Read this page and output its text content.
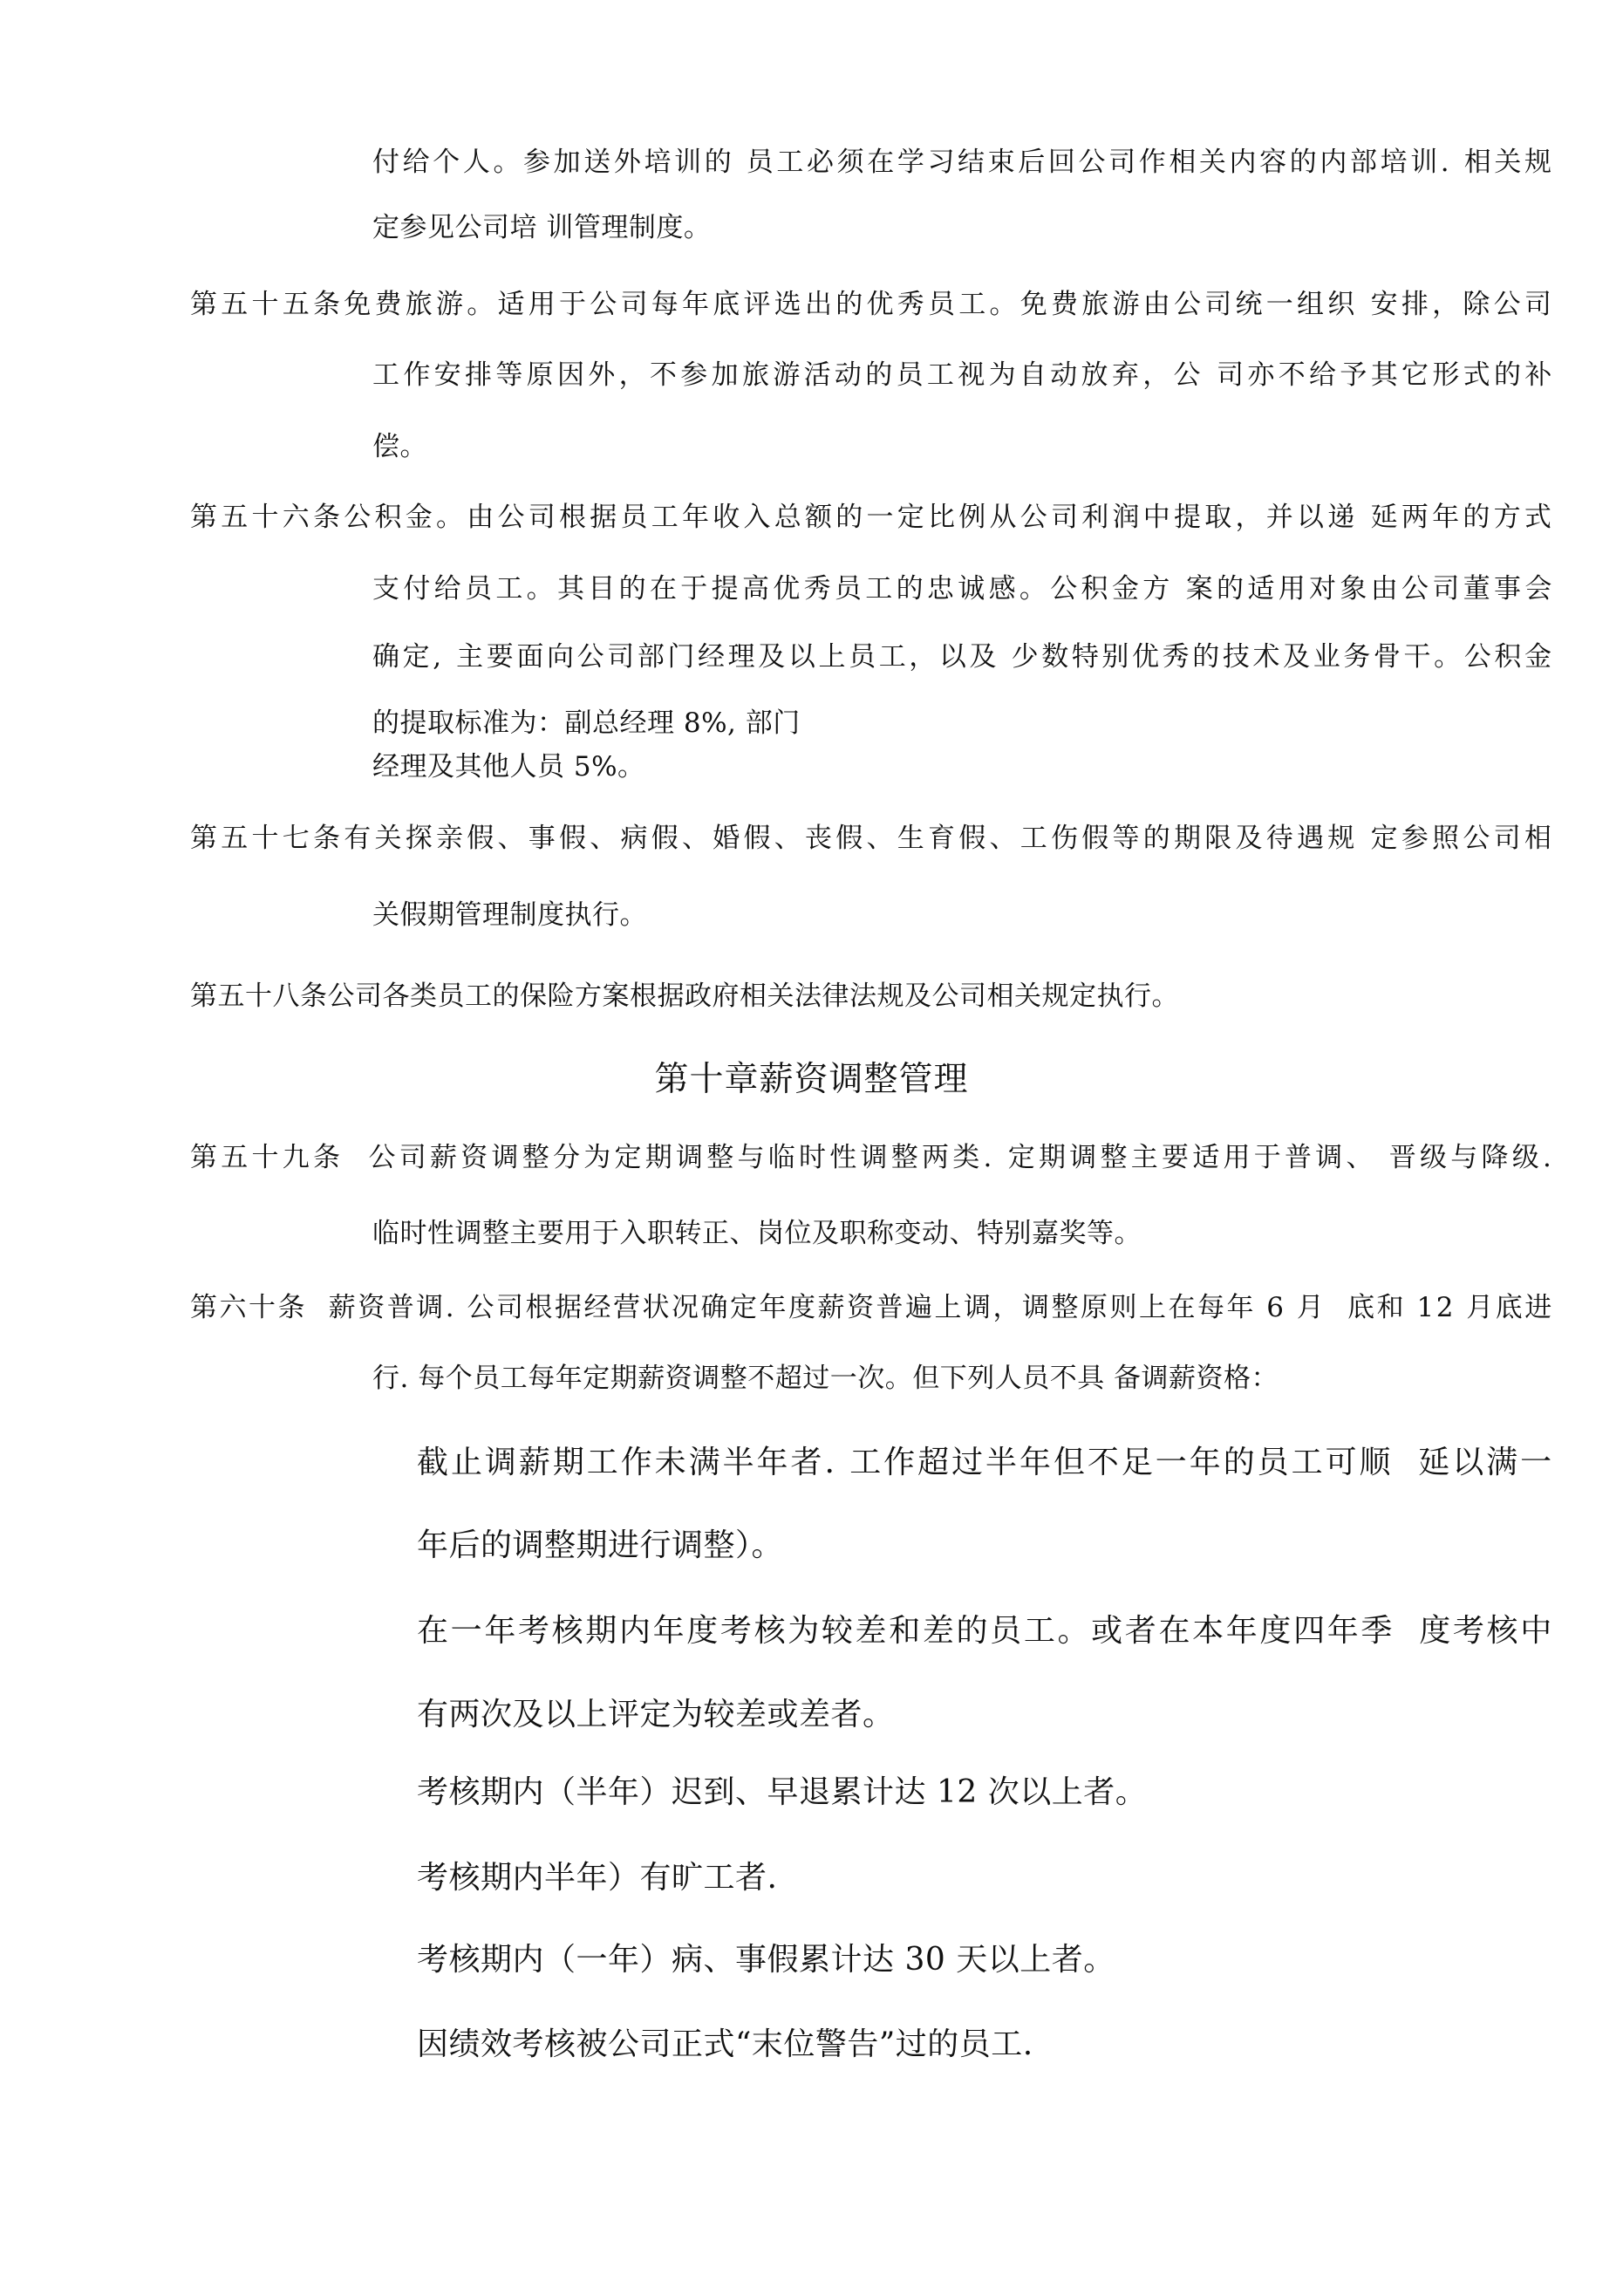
付 给 个 人 。 参 加 送 外 培 训 的
员 工 必 须 在 学 习 结 束 后 回 公 司 作 相 关 内 容 的 内 部 培 训 .
相 关 规
定参见公司培 训管理制度。
第 五 十 五 条 免 费 旅 游 。 适 用 于 公 司 每 年 底 评 选 出 的 优 秀 员 工 。 免 费 旅 游 由 公 司 统 一 组 织
安 排 ， 除 公 司
工 作 安 排 等 原 因 外 ， 不 参 加 旅 游 活 动 的 员 工 视 为 自 动 放 弃 ， 公
司 亦 不 给 予 其 它 形 式 的 补
偿。
第 五 十 六 条 公 积 金 。 由 公 司 根 据 员 工 年 收 入 总 额 的 一 定 比 例 从 公 司 利 润 中 提 取 ， 并 以 递
延 两 年 的 方 式
支 付 给 员 工 。 其 目 的 在 于 提 高 优 秀 员 工 的 忠 诚 感 。 公 积 金 方
案 的 适 用 对 象 由 公 司 董 事 会
确 定 ,
主 要 面 向 公 司 部 门 经 理 及 以 上 员 工 ， 以 及
少 数 特 别 优 秀 的 技 术 及 业 务 骨 干 。 公 积 金
的提取标准为：副总经理 8%, 部门
经理及其他人员 5%。
第 五 十 七 条 有 关 探 亲 假 、 事 假 、 病 假 、 婚 假 、 丧 假 、 生 育 假 、 工 伤 假 等 的 期 限 及 待 遇 规
定 参 照 公 司 相
关假期管理制度执行。
第五十八条公司各类员工的保险方案根据政府相关法律法规及公司相关规定执行。
第十章薪资调整管理
第 五 十 九 条

公 司 薪 资 调 整 分 为 定 期 调 整 与 临 时 性 调 整 两 类 .
定 期 调 整 主 要 适 用 于 普 调 、
晋 级 与 降 级 .
临时性调整主要用于入职转正、岗位及职称变动、特别嘉奖等。
第 六 十 条

薪 资 普 调 .
公 司 根 据 经 营 状 况 确 定 年 度 薪 资 普 遍 上 调 ， 调 整 原 则 上 在 每 年
6
月

底 和
1 2
月 底 进
行. 每个员工每年定期薪资调整不超过一次。但下列人员不具 备调薪资格：
截 止 调 薪 期 工 作 未 满 半 年 者 .
工 作 超 过 半 年 但 不 足 一 年 的 员 工 可 顺

延 以 满 一
年后的调整期进行调整）。
在 一 年 考 核 期 内 年 度 考 核 为 较 差 和 差 的 员 工 。 或 者 在 本 年 度 四 年 季

度 考 核 中
有两次及以上评定为较差或差者。
考核期内（半年）迟到、早退累计达 12 次以上者。
考核期内半年）有旷工者.
考核期内（一年）病、事假累计达 30 天以上者。
因绩效考核被公司正式“末位警告”过的员工.
